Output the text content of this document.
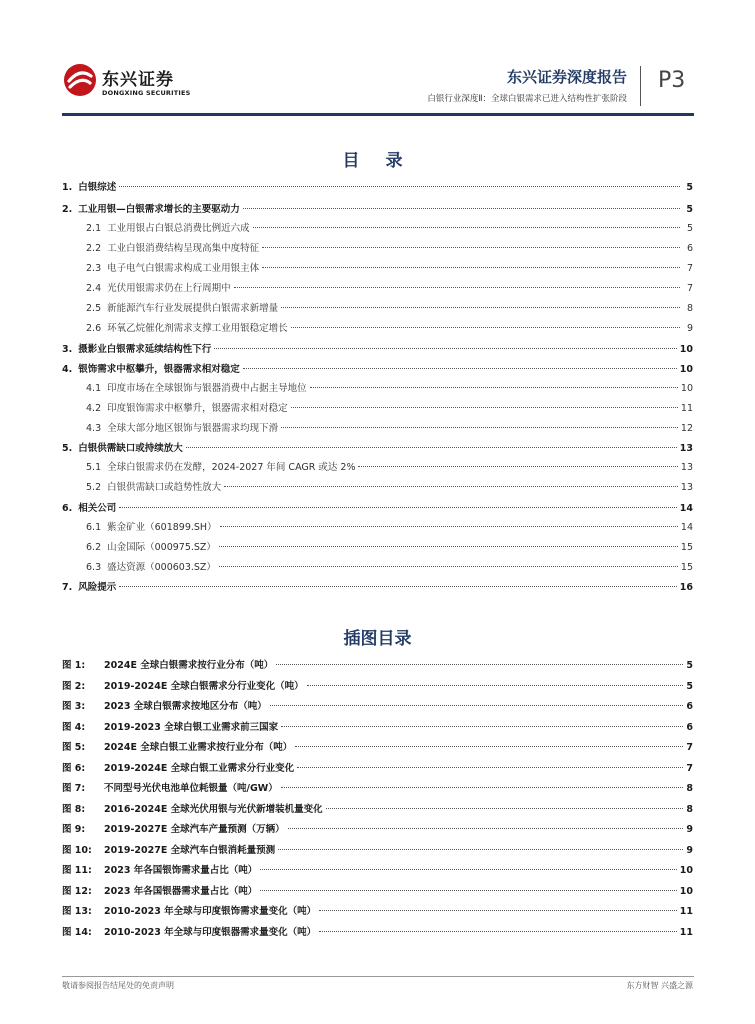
东兴证券
DONGXING SECURITIES
东兴证券深度报告
白银行业深度Ⅱ：全球白银需求已进入结构性扩张阶段
P3
目 录
1. 白银综述	5
2. 工业用银—白银需求增长的主要驱动力	5
2.1 工业用银占白银总消费比例近六成	5
2.2 工业白银消费结构呈现高集中度特征	6
2.3 电子电气白银需求构成工业用银主体	7
2.4 光伏用银需求仍在上行周期中	7
2.5 新能源汽车行业发展提供白银需求新增量	8
2.6 环氧乙烷催化剂需求支撑工业用银稳定增长	9
3. 摄影业白银需求延续结构性下行	10
4. 银饰需求中枢攀升，银器需求相对稳定	10
4.1 印度市场在全球银饰与银器消费中占据主导地位	10
4.2 印度银饰需求中枢攀升，银器需求相对稳定	11
4.3 全球大部分地区银饰与银器需求均现下滑	12
5. 白银供需缺口或持续放大	13
5.1 全球白银需求仍在发酵，2024-2027 年间 CAGR 或达 2%	13
5.2 白银供需缺口或趋势性放大	13
6. 相关公司	14
6.1 紫金矿业（601899.SH）	14
6.2 山金国际（000975.SZ）	15
6.3 盛达资源（000603.SZ）	15
7. 风险提示	16
插图目录
图 1:	2024E 全球白银需求按行业分布（吨）	5
图 2:	2019-2024E 全球白银需求分行业变化（吨）	5
图 3:	2023 全球白银需求按地区分布（吨）	6
图 4:	2019-2023 全球白银工业需求前三国家	6
图 5:	2024E 全球白银工业需求按行业分布（吨）	7
图 6:	2019-2024E 全球白银工业需求分行业变化	7
图 7:	不同型号光伏电池单位耗银量（吨/GW）	8
图 8:	2016-2024E 全球光伏用银与光伏新增装机量变化	8
图 9:	2019-2027E 全球汽车产量预测（万辆）	9
图 10:	2019-2027E 全球汽车白银消耗量预测	9
图 11:	2023 年各国银饰需求量占比（吨）	10
图 12:	2023 年各国银器需求量占比（吨）	10
图 13:	2010-2023 年全球与印度银饰需求量变化（吨）	11
图 14:	2010-2023 年全球与印度银器需求量变化（吨）	11
敬请参阅报告结尾处的免责声明	东方财智 兴盛之源
